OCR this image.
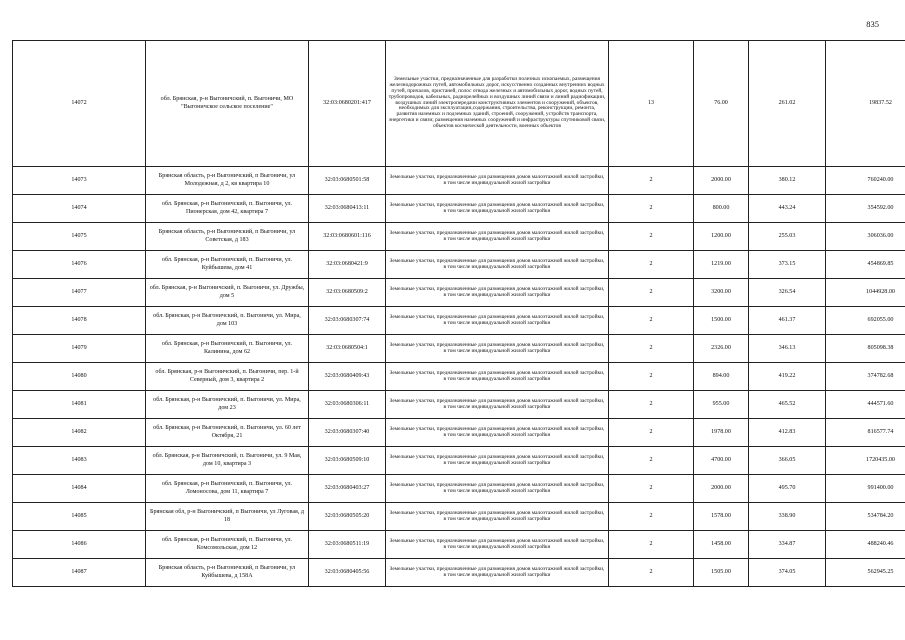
835
14072	обл. Брянская, р-н Выгоничский, п. Выгоничи, МО "Выгоничское сельское поселение"	32:03:0680201:417	Земельные участки, предназначенные для разработки полезных ископаемых, размещения железнодорожных путей, автомобильных дорог, искусственно созданных внутренних водных путей, причалов, пристаней, полос отвода железных и автомобильных дорог, водных путей, трубопроводов, кабельных, радиорелейных и воздушных линий связи и линий радиофикации, воздушных линий электропередачи конструктивных элементов и сооружений, объектов, необходимых для эксплуатации,содержания, строительства, реконструкции, ремонта, развития наземных и подземных зданий, строений, сооружений, устройств транспорта, энергетики и связи; размещения наземных сооружений и инфраструктуры спутниковой связи, объектов космической деятельности, военных объектов	13	76.00	261.02	19837.52
14073	Брянская область, р-н Выгоничский, п Выгоничи, ул Молодежная, д 2, кв квартира 10	32:03:0680501:58	Земельные участки, предназначенные для размещения домов малоэтажной жилой застройки, в том числе индивидуальной жилой застройки	2	2000.00	380.12	760240.00
14074	обл. Брянская, р-н Выгоничский, п. Выгоничи, ул. Пионерская, дом 42, квартира 7	32:03:0680413:11	Земельные участки, предназначенные для размещения домов малоэтажной жилой застройки, в том числе индивидуальной жилой застройки	2	800.00	443.24	354592.00
14075	Брянская область, р-н Выгоничский, п Выгоничи, ул Советская, д 183	32:03:0680601:116	Земельные участки, предназначенные для размещения домов малоэтажной жилой застройки, в том числе индивидуальной жилой застройки	2	1200.00	255.03	306036.00
14076	обл. Брянская, р-н Выгоничский, п. Выгоничи, ул. Куйбышева, дом 41	32:03:0680421:9	Земельные участки, предназначенные для размещения домов малоэтажной жилой застройки, в том числе индивидуальной жилой застройки	2	1219.00	373.15	454869.85
14077	обл. Брянская, р-н Выгоничский, п. Выгоничи, ул. Дружбы, дом 5	32:03:0680509:2	Земельные участки, предназначенные для размещения домов малоэтажной жилой застройки, в том числе индивидуальной жилой застройки	2	3200.00	326.54	1044928.00
14078	обл. Брянская, р-н Выгоничский, п. Выгоничи, ул. Мира, дом 103	32:03:0680307:74	Земельные участки, предназначенные для размещения домов малоэтажной жилой застройки, в том числе индивидуальной жилой застройки	2	1500.00	461.37	692055.00
14079	обл. Брянская, р-н Выгоничский, п. Выгоничи, ул. Калинина, дом 62	32:03:0680504:1	Земельные участки, предназначенные для размещения домов малоэтажной жилой застройки, в том числе индивидуальной жилой застройки	2	2326.00	346.13	805098.38
14080	обл. Брянская, р-н Выгоничский, п. Выгоничи, пер. 1-й Северный, дом 3, квартира 2	32:03:0680409:43	Земельные участки, предназначенные для размещения домов малоэтажной жилой застройки, в том числе индивидуальной жилой застройки	2	894.00	419.22	374782.68
14081	обл. Брянская, р-н Выгоничский, п. Выгоничи, ул. Мира, дом 23	32:03:0680306:11	Земельные участки, предназначенные для размещения домов малоэтажной жилой застройки, в том числе индивидуальной жилой застройки	2	955.00	465.52	444571.60
14082	обл. Брянская, р-н Выгоничский, п. Выгоничи, ул. 60 лет Октября, 21	32:03:0680307:40	Земельные участки, предназначенные для размещения домов малоэтажной жилой застройки, в том числе индивидуальной жилой застройки	2	1978.00	412.83	816577.74
14083	обл. Брянская, р-н Выгоничский, п. Выгоничи, ул. 9 Мая, дом 10, квартира 3	32:03:0680509:10	Земельные участки, предназначенные для размещения домов малоэтажной жилой застройки, в том числе индивидуальной жилой застройки	2	4700.00	366.05	1720435.00
14084	обл. Брянская, р-н Выгоничский, п. Выгоничи, ул. Ломоносова, дом 11, квартира 7	32:03:0680403:27	Земельные участки, предназначенные для размещения домов малоэтажной жилой застройки, в том числе индивидуальной жилой застройки	2	2000.00	495.70	991400.00
14085	Брянская обл, р-н Выгоничский, п Выгоничи, ул Луговая, д 18	32:03:0680505:20	Земельные участки, предназначенные для размещения домов малоэтажной жилой застройки, в том числе индивидуальной жилой застройки	2	1578.00	338.90	534784.20
14086	обл. Брянская, р-н Выгоничский, п. Выгоничи, ул. Комсомольская, дом 12	32:03:0680511:19	Земельные участки, предназначенные для размещения домов малоэтажной жилой застройки, в том числе индивидуальной жилой застройки	2	1458.00	334.87	488240.46
14087	Брянская область, р-н Выгоничский, п Выгоничи, ул Куйбышева, д 158А	32:03:0680405:56	Земельные участки, предназначенные для размещения домов малоэтажной жилой застройки, в том числе индивидуальной жилой застройки	2	1505.00	374.05	562945.25
